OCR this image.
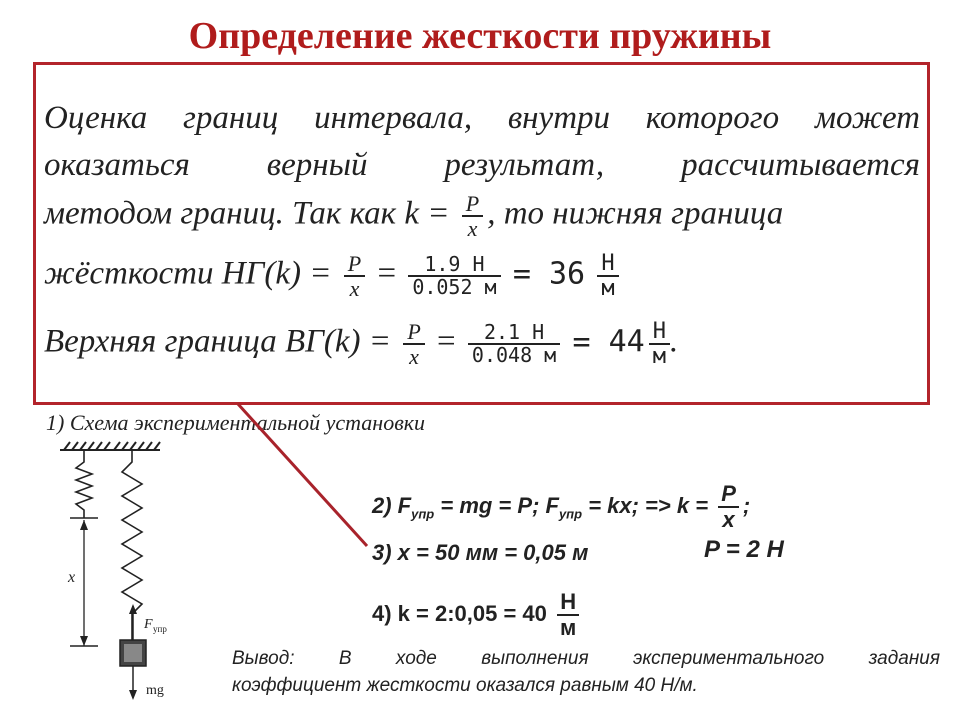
Определение жесткости пружины
Оценка границ интервала, внутри которого может
оказаться верный результат, рассчитывается
методом границ. Так как $k = \frac{P}{x}$ , то нижняя граница
жёсткости $НГ(k) = \frac{P}{x} = \frac{1.9 Н}{0.052 м} = 36 \frac{Н}{м}$
Верхняя граница $ВГ(k) = \frac{P}{x} = \frac{2.1 Н}{0.048 м} = 44 \frac{Н}{м}$ .
1) Схема экспериментальной установки
x
F упр
mg
2) $F_{упр}$ = mg = P; $F_{упр}$ = kx; => $k = \frac{P}{x}$ ;
3) x = 50 мм = 0,05 м	P = 2 Н
4) k = 2:0,05 = 40 Н
м
Вывод: В ходе выполнения экспериментального задания
коэффициент жесткости оказался равным 40 Н/м.
